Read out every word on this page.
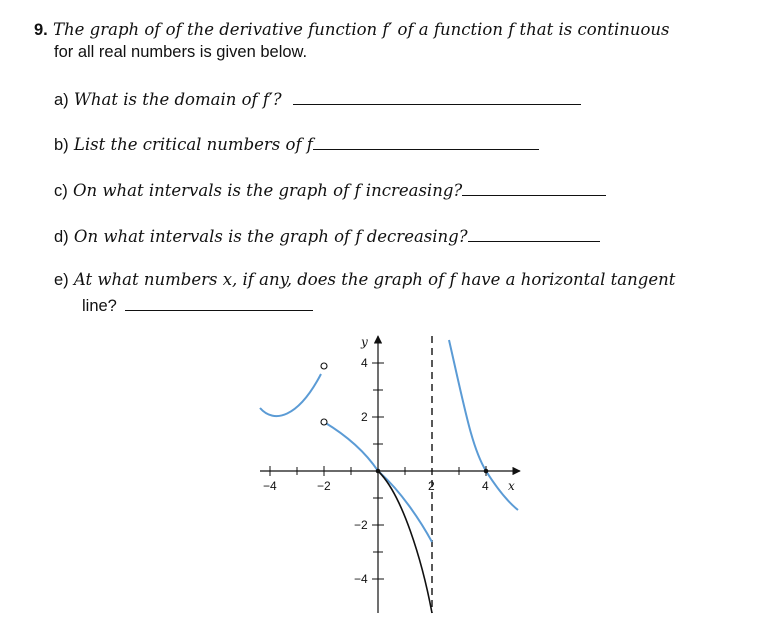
9. The graph of of the derivative function f′ of a function f that is continuous
for all real numbers is given below.
a) What is the domain of f′?
b) List the critical numbers of f
c) On what intervals is the graph of f increasing?
d) On what intervals is the graph of f decreasing?
e) At what numbers x, if any, does the graph of f have a horizontal tangent
line?
y
x
−4	−2	2	4
4
2
−2
−4
